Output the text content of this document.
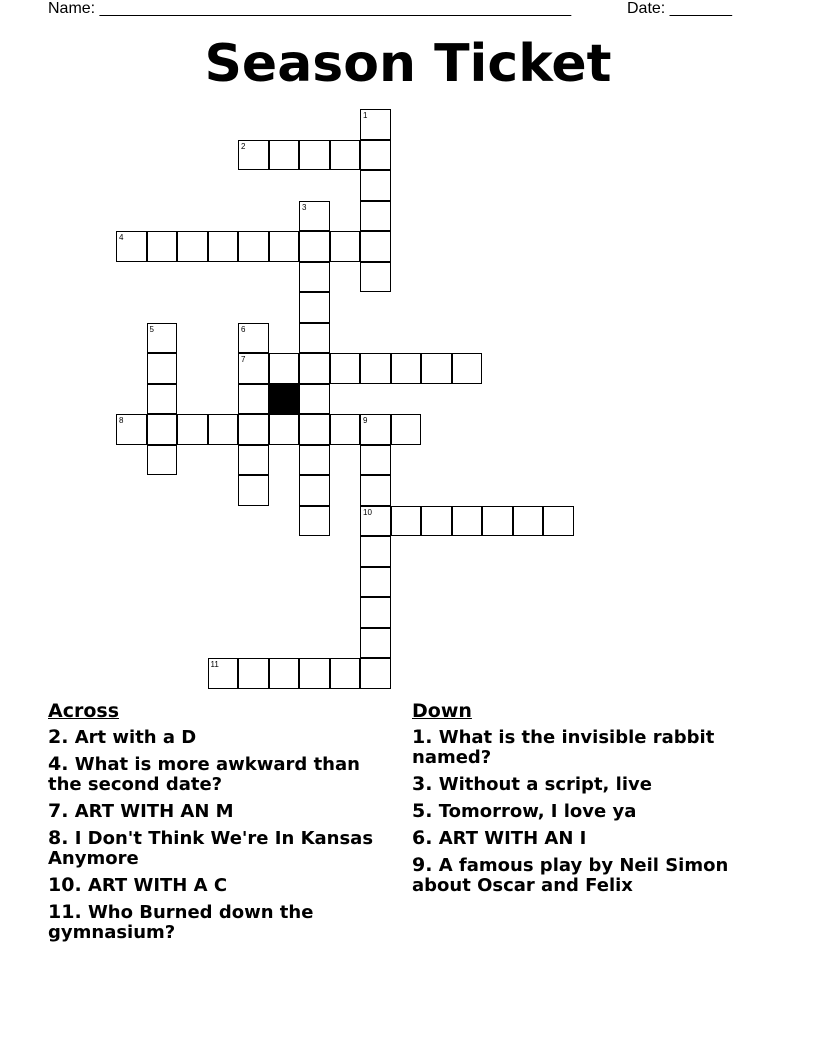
Name: _____________________________________________________	Date: _______
Season Ticket
1
2
3
4
5	6
7
8	9
10
11
Across
2. Art with a D
4. What is more awkward than the second date?
7. ART WITH AN M
8. I Don't Think We're In Kansas Anymore
10. ART WITH A C
11. Who Burned down the gymnasium?
Down
1. What is the invisible rabbit named?
3. Without a script, live
5. Tomorrow, I love ya
6. ART WITH AN I
9. A famous play by Neil Simon about Oscar and Felix
